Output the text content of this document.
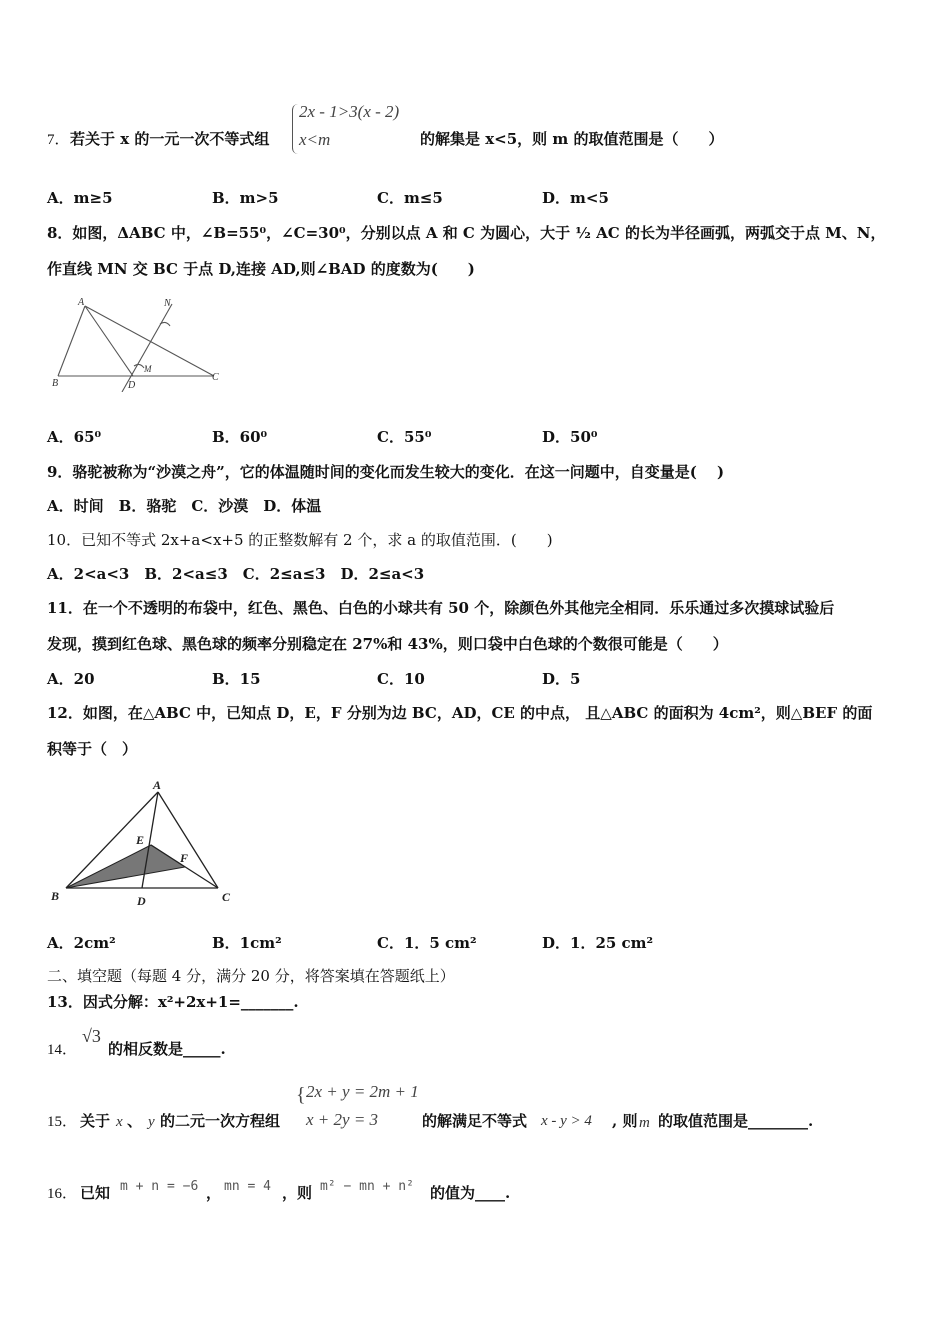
7． 若关于 x 的一元一次不等式组
2x - 1>3(x - 2)
x<m	的解集是 x<5，则 m 的取值范围是（　　）
A．m≥5	B．m>5	C．m≤5	D．m<5
8．如图，ΔABC 中，∠B=55⁰，∠C=30⁰，分别以点 A 和 C 为圆心，大于 ½ AC 的长为半径画弧，两弧交于点 M、N，
作直线 MN 交 BC 于点 D,连接 AD,则∠BAD 的度数为(　　)
A
B
C
D
M
N
A．65⁰	B．60⁰	C．55⁰	D．50⁰
9．骆驼被称为“沙漠之舟”，它的体温随时间的变化而发生较大的变化．在这一问题中，自变量是(　 )
A．时间　B．骆驼　C．沙漠　D．体温
10．已知不等式 2x+a<x+5 的正整数解有 2 个，求 a 的取值范围．(　　)
A．2<a<3　B．2<a≤3　C．2≤a≤3　D．2≤a<3
11．在一个不透明的布袋中，红色、黑色、白色的小球共有 50 个，除颜色外其他完全相同．乐乐通过多次摸球试验后
发现，摸到红色球、黑色球的频率分别稳定在 27%和 43%，则口袋中白色球的个数很可能是（　　）
A．20	B．15	C．10	D．5
12．如图，在△ABC 中，已知点 D，E，F 分别为边 BC，AD，CE 的中点， 且△ABC 的面积为 4cm²，则△BEF 的面
积等于（　）
A
B	C
D
E
F
A．2cm²	B．1cm²	C．1．5 cm²	D．1．25 cm²
二、填空题（每题 4 分，满分 20 分，将答案填在答题纸上）
13．因式分解：x²+2x+1=_______.
14．
√3
的相反数是_____.
15． 关于 x 、 y 的二元一次方程组
{ 2x + y = 2m + 1
x + 2y = 3	的解满足不等式 x - y > 4 , 则 m 的取值范围是________.
16． 已知 m + n = −6 ， mn = 4 ，则 m² − mn + n² 的值为____.
